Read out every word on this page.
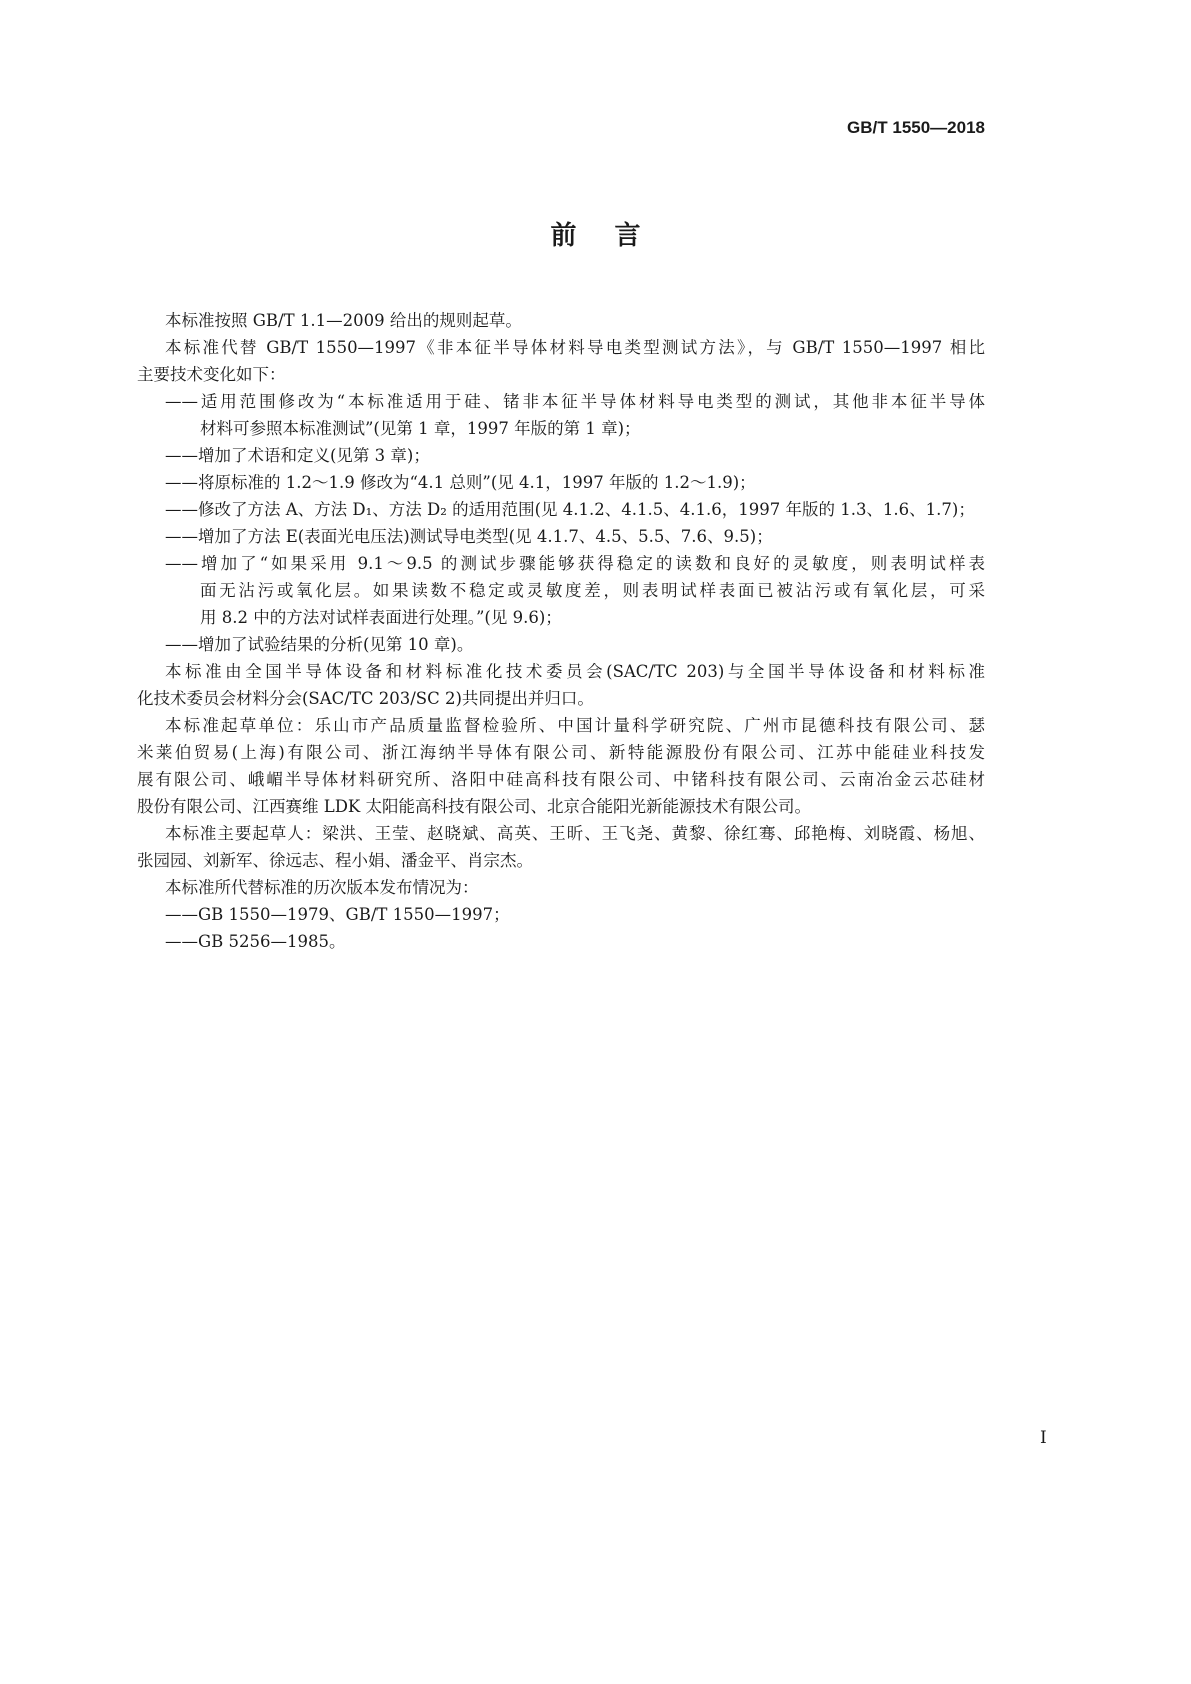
GB/T 1550—2018
前言
本标准按照 GB/T 1.1—2009 给出的规则起草。
本标准代替 GB/T 1550—1997《非本征半导体材料导电类型测试方法》，与 GB/T 1550—1997 相比
主要技术变化如下：
——适用范围修改为“本标准适用于硅、锗非本征半导体材料导电类型的测试，其他非本征半导体
材料可参照本标准测试”(见第 1 章，1997 年版的第 1 章)；
——增加了术语和定义(见第 3 章)；
——将原标准的 1.2～1.9 修改为“4.1 总则”(见 4.1，1997 年版的 1.2～1.9)；
——修改了方法 A、方法 D₁、方法 D₂ 的适用范围(见 4.1.2、4.1.5、4.1.6，1997 年版的 1.3、1.6、1.7)；
——增加了方法 E(表面光电压法)测试导电类型(见 4.1.7、4.5、5.5、7.6、9.5)；
——增加了“如果采用 9.1～9.5 的测试步骤能够获得稳定的读数和良好的灵敏度，则表明试样表
面无沾污或氧化层。如果读数不稳定或灵敏度差，则表明试样表面已被沾污或有氧化层，可采
用 8.2 中的方法对试样表面进行处理。”(见 9.6)；
——增加了试验结果的分析(见第 10 章)。
本标准由全国半导体设备和材料标准化技术委员会(SAC/TC 203)与全国半导体设备和材料标准
化技术委员会材料分会(SAC/TC 203/SC 2)共同提出并归口。
本标准起草单位：乐山市产品质量监督检验所、中国计量科学研究院、广州市昆德科技有限公司、瑟
米莱伯贸易(上海)有限公司、浙江海纳半导体有限公司、新特能源股份有限公司、江苏中能硅业科技发
展有限公司、峨嵋半导体材料研究所、洛阳中硅高科技有限公司、中锗科技有限公司、云南冶金云芯硅材
股份有限公司、江西赛维 LDK 太阳能高科技有限公司、北京合能阳光新能源技术有限公司。
本标准主要起草人：梁洪、王莹、赵晓斌、高英、王昕、王飞尧、黄黎、徐红骞、邱艳梅、刘晓霞、杨旭、
张园园、刘新军、徐远志、程小娟、潘金平、肖宗杰。
本标准所代替标准的历次版本发布情况为：
——GB 1550—1979、GB/T 1550—1997；
——GB 5256—1985。
I
